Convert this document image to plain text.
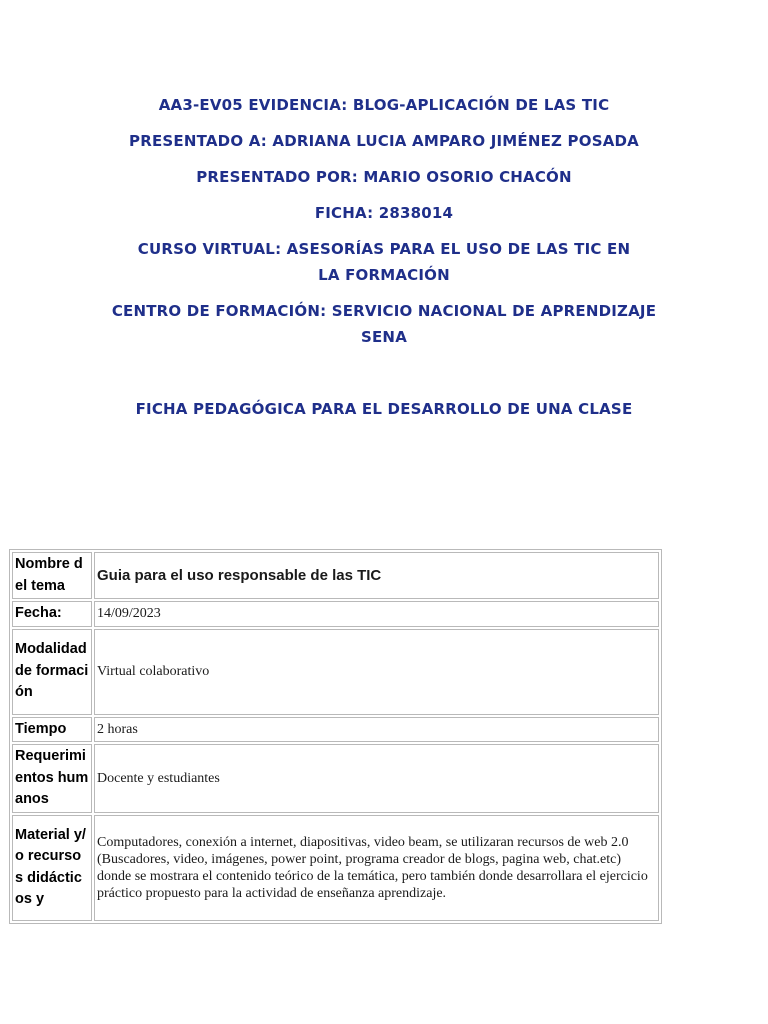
AA3-EV05 EVIDENCIA: BLOG-APLICACIÓN DE LAS TIC
PRESENTADO A: ADRIANA LUCIA AMPARO JIMÉNEZ POSADA
PRESENTADO POR: MARIO OSORIO CHACÓN
FICHA: 2838014
CURSO VIRTUAL: ASESORÍAS PARA EL USO DE LAS TIC EN LA FORMACIÓN
CENTRO DE FORMACIÓN: SERVICIO NACIONAL DE APRENDIZAJE SENA
FICHA PEDAGÓGICA PARA EL DESARROLLO DE UNA CLASE
Nombre del tema	Guia para el uso responsable de las TIC
Fecha:	14/09/2023
Modalidad de formación	Virtual colaborativo
Tiempo	2 horas
Requerimientos humanos	Docente y estudiantes

Material y/o recursos didácticos y	Computadores, conexión a internet, diapositivas, video beam, se utilizaran recursos de web 2.0 (Buscadores, video, imágenes, power point, programa creador de blogs, pagina web, chat.etc) donde se mostrara el contenido teórico de la temática, pero también donde desarrollara el ejercicio práctico propuesto para la actividad de enseñanza aprendizaje.
